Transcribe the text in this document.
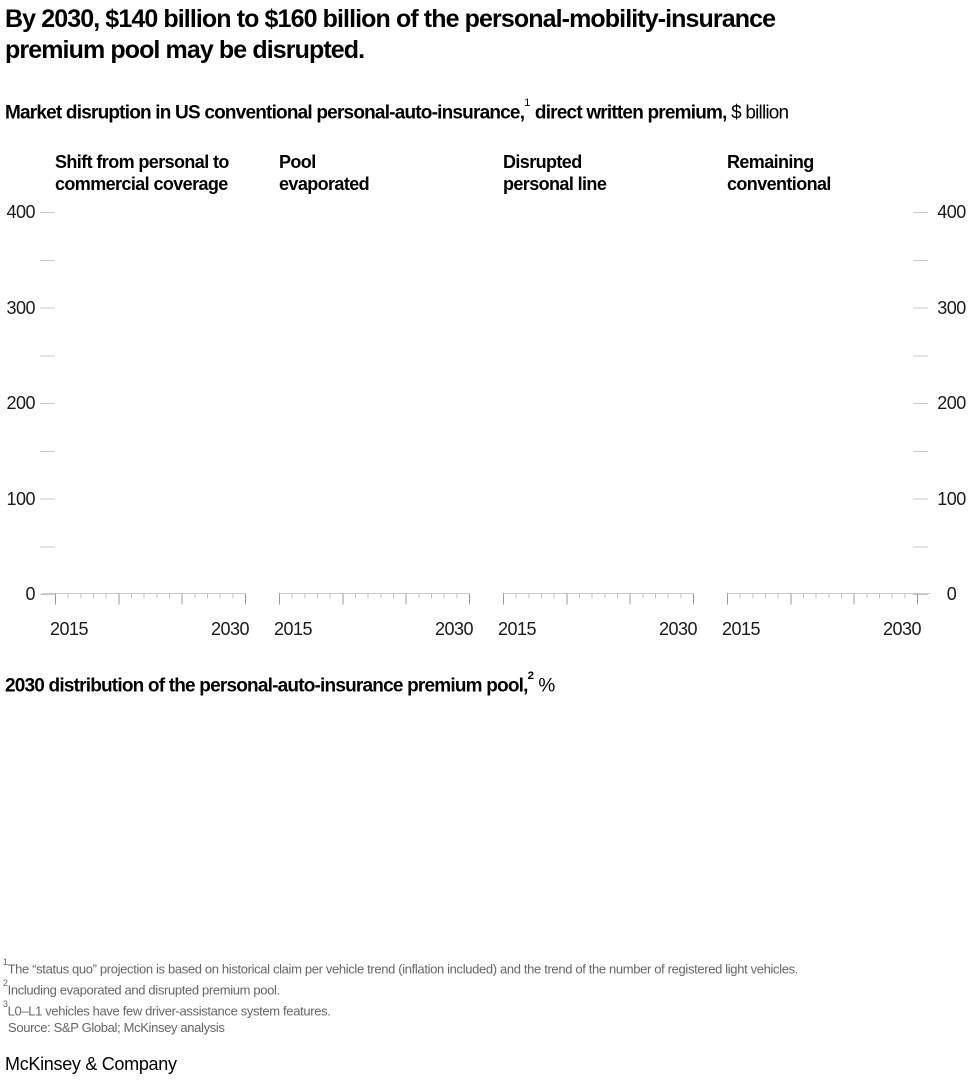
By 2030, $140 billion to $160 billion of the personal-mobility-insurance
premium pool may be disrupted.
Market disruption in US conventional personal-auto-insurance,$^1$ direct written premium, $ billion
400	400
300	300
200	200
100	100
0	0
Shift from personal to
commercial coverage
2015	2030
Pool
evaporated
2015	2030
Disrupted
personal line
2015	2030
Remaining
conventional
2015	2030
2030 distribution of the personal-auto-insurance premium pool,$^2$ %
$^1$The “status quo” projection is based on historical claim per vehicle trend (inflation included) and the trend of the number of registered light vehicles.
$^2$Including evaporated and disrupted premium pool.
$^3$L0–L1 vehicles have few driver-assistance system features.
Source: S&P Global; McKinsey analysis
McKinsey & Company
